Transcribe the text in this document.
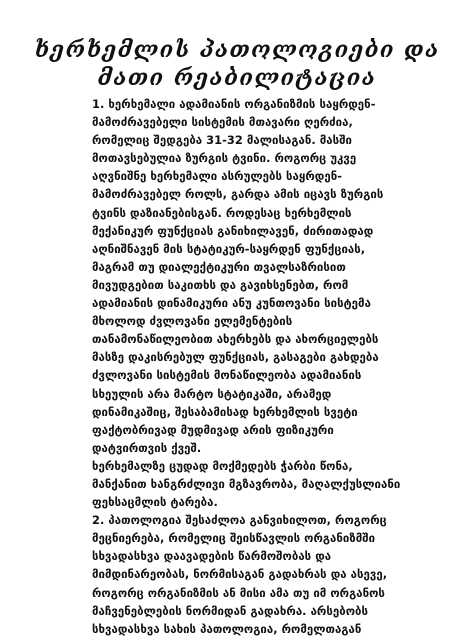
ხერხემლის პათოლოგიები და
მათი რეაბილიტაცია
1. ხერხემალი ადამიანის ორგანიზმის საყრდენ-
მამოძრავებელი სისტემის მთავარი ღერძია,
რომელიც შედგება 31-32 მალისაგან. მასში
მოთავსებულია ზურგის ტვინი. როგორც უკვე
აღვნიშნე ხერხემალი ასრულებს საყრდენ-
მამოძრავებელ როლს, გარდა ამის იცავს ზურგის
ტვინს დაზიანებისგან. როდესაც ხერხემლის
მექანიკურ ფუნქციას განიხილავენ, ძირითადად
აღნიშნავენ მის სტატიკურ-საყრდენ ფუნქციას,
მაგრამ თუ დიალექტიკური თვალსაზრისით
მივუდგებით საკითხს და გავიხსენებთ, რომ
ადამიანის დინამიკური ანუ კუნთოვანი სისტემა
მხოლოდ ძვლოვანი ელემენტების
თანამონაწილეობით ახერხებს და ახორციელებს
მასზე დაკისრებულ ფუნქციას, გასაგები გახდება
ძვლოვანი სისტემის მონაწილეობა ადამიანის
სხეულის არა მარტო სტატიკაში, არამედ
დინამიკაშიც, შესაბამისად ხერხემლის სვეტი
ფაქტობრივად მუდმივად არის ფიზიკური
დატვირთვის ქვეშ.
ხერხემალზე ცუდად მოქმედებს ჭარბი წონა,
მანქანით ხანგრძლივი მგზავრობა, მაღალქუსლიანი
ფეხსაცმლის ტარება.
2. პათოლოგია შესაძლოა განვიხილოთ, როგორც
მეცნიერება, რომელიც შეისწავლის ორგანიზმში
სხვადასხვა დაავადების წარმოშობას და
მიმდინარეობას, ნორმისაგან გადახრას და ასევე,
როგორც ორგანიზმის ან მისი ამა თუ იმ ორგანოს
მაჩვენებლების ნორმიდან გადახრა. არსებობს
სხვადასხვა სახის პათოლოგია, რომელთაგან
